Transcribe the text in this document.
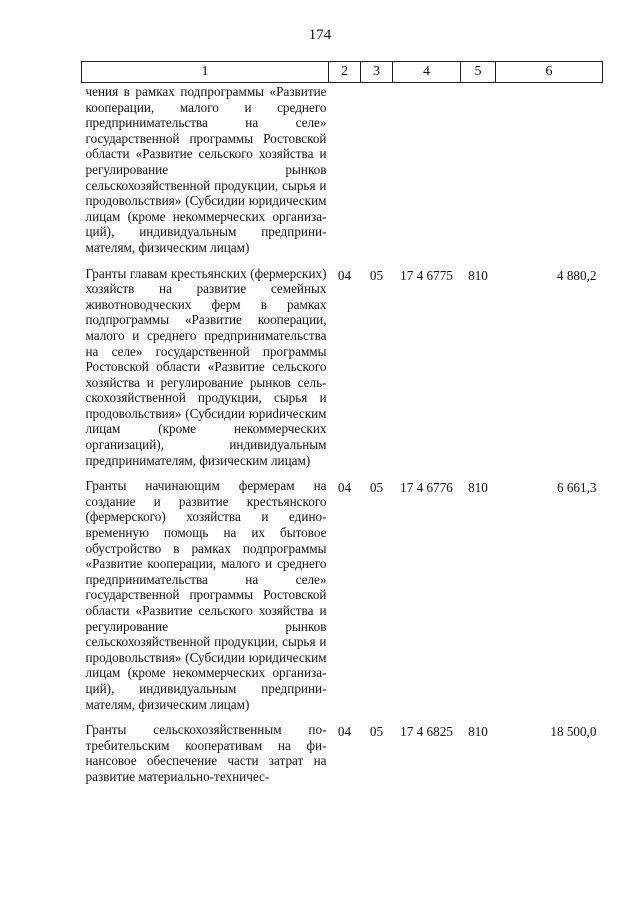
174
1	2	3	4	5	6
чения в рамках подпрограммы «Развитие кооперации, малого и среднего предпринимательства на селе» государственной программы Ростовской области «Развитие сельского хозяйства и регулирование рынков сельскохозяйственной продукции, сырья и продовольствия» (Субсидии юридическим лицам (кроме некоммерческих организаций), индивидуальным предпринимателям, физическим лицам)					

Гранты главам крестьянских (фермерских) хозяйств на развитие семейных животноводческих ферм в рамках подпрограммы «Развитие кооперации, малого и среднего предпринимательства на селе» государственной программы Ростовской области «Развитие сельского хозяйства и регулирование рынков сельскохозяйственной продукции, сырья и продовольствия» (Субсидии юриdическим лицам (кроме некоммерческих организаций), индивидуальным предпринимателям, физическим лицам)	04	05	17 4 6775	810	4 880,2

Гранты начинающим фермерам на создание и развитие крестьянского (фермерского) хозяйства и единовременную помощь на их бытовое обустройство в рамках подпрограммы «Развитие кооперации, малого и среднего предпринимательства на селе» государственной программы Ростовской области «Развитие сельского хозяйства и регулирование рынков сельскохозяйственной продукции, сырья и продовольствия» (Субсидии юридическим лицам (кроме некоммерческих организаций), индивидуальным предпринимателям, физическим лицам)	04	05	17 4 6776	810	6 661,3

Гранты сельскохозяйственным потребительским кооперативам на финансовое обеспечение части затрат на развитие материально-техничес-	04	05	17 4 6825	810	18 500,0
